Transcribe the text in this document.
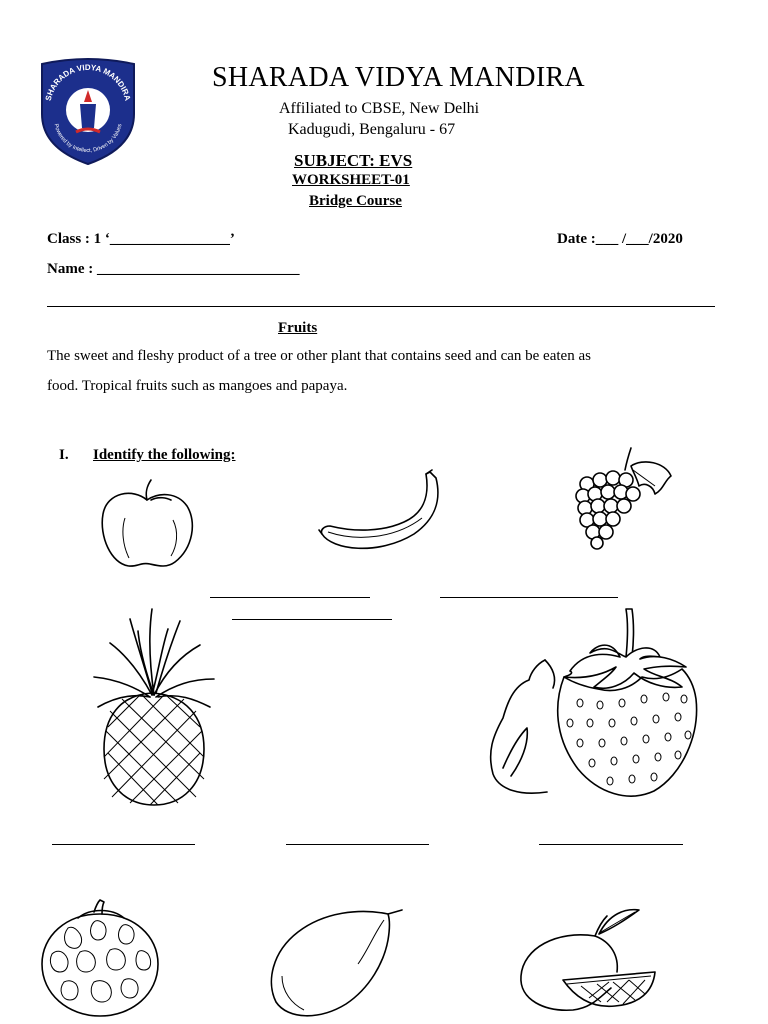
SHARADA VIDYA MANDIRA
Powered by Intellect, Driven by Values
SHARADA VIDYA MANDIRA
Affiliated to CBSE, New Delhi
Kadugudi, Bengaluru - 67
SUBJECT: EVS
WORKSHEET-01
Bridge Course
Class : 1 ‘________________’	Date :___ /___/2020
Name : ___________________________
Fruits
The sweet and fleshy product of a tree or other plant that contains seed and can be eaten as
food. Tropical fruits such as mangoes and papaya.
I. Identify the following:
